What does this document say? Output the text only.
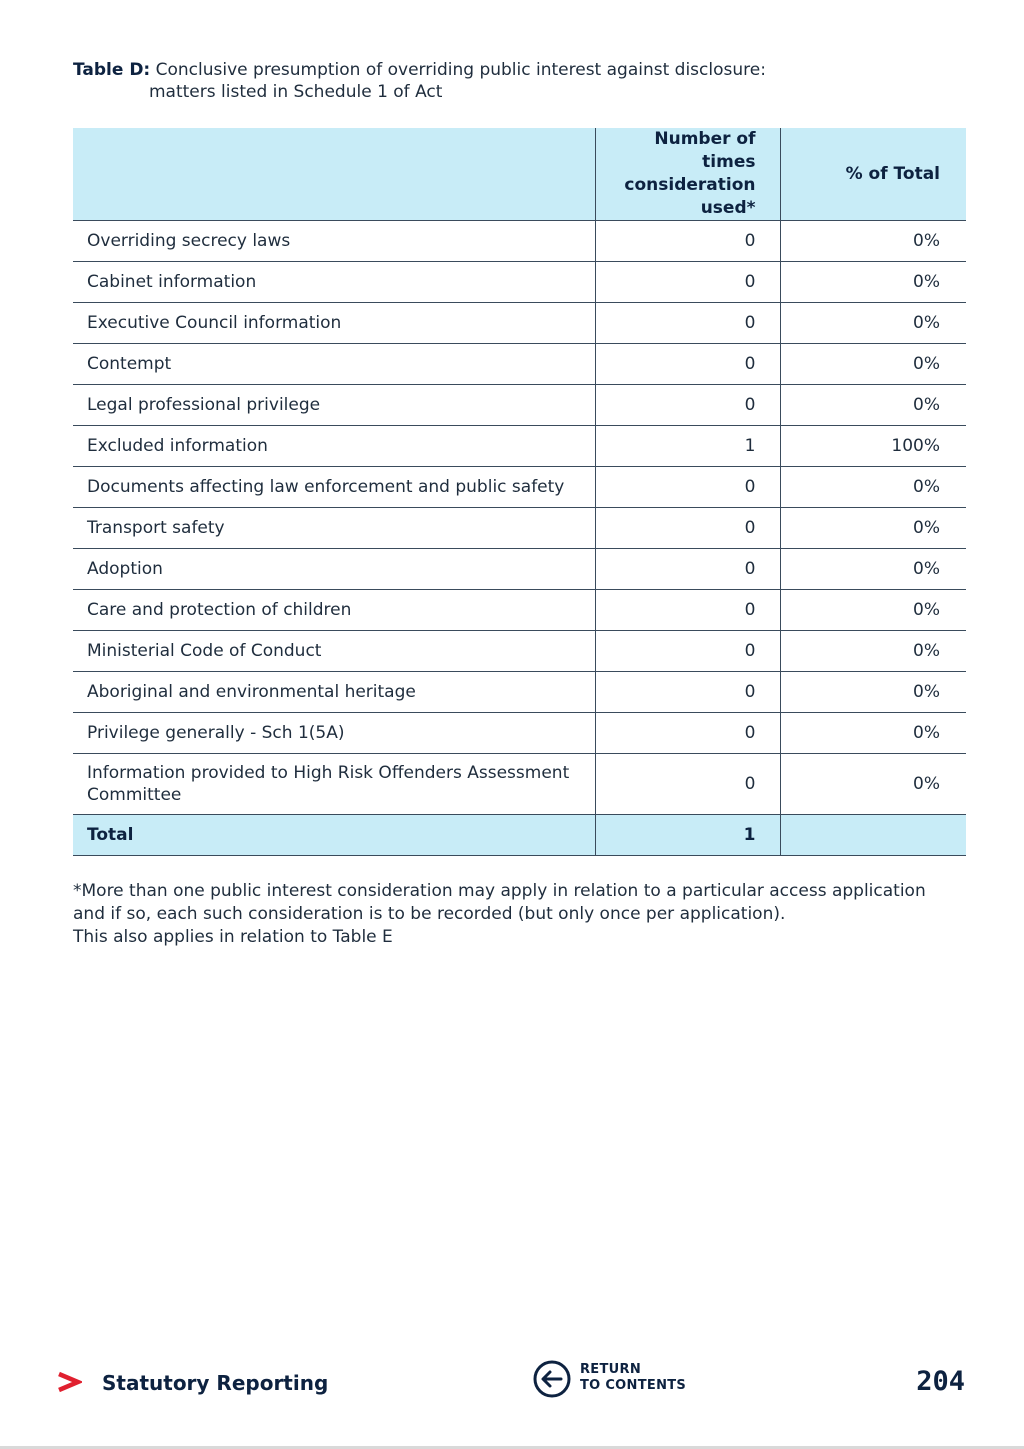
Table D: Conclusive presumption of overriding public interest against disclosure:
matters listed in Schedule 1 of Act
	Number of times consideration used*	% of Total
Overriding secrecy laws	0	0%
Cabinet information	0	0%
Executive Council information	0	0%
Contempt	0	0%
Legal professional privilege	0	0%
Excluded information	1	100%
Documents affecting law enforcement and public safety	0	0%
Transport safety	0	0%
Adoption	0	0%
Care and protection of children	0	0%
Ministerial Code of Conduct	0	0%
Aboriginal and environmental heritage	0	0%
Privilege generally - Sch 1(5A)	0	0%
Information provided to High Risk Offenders Assessment Committee	0	0%
Total	1	
*More than one public interest consideration may apply in relation to a particular access application
and if so, each such consideration is to be recorded (but only once per application).
This also applies in relation to Table E
Statutory Reporting
RETURN
TO CONTENTS	204
